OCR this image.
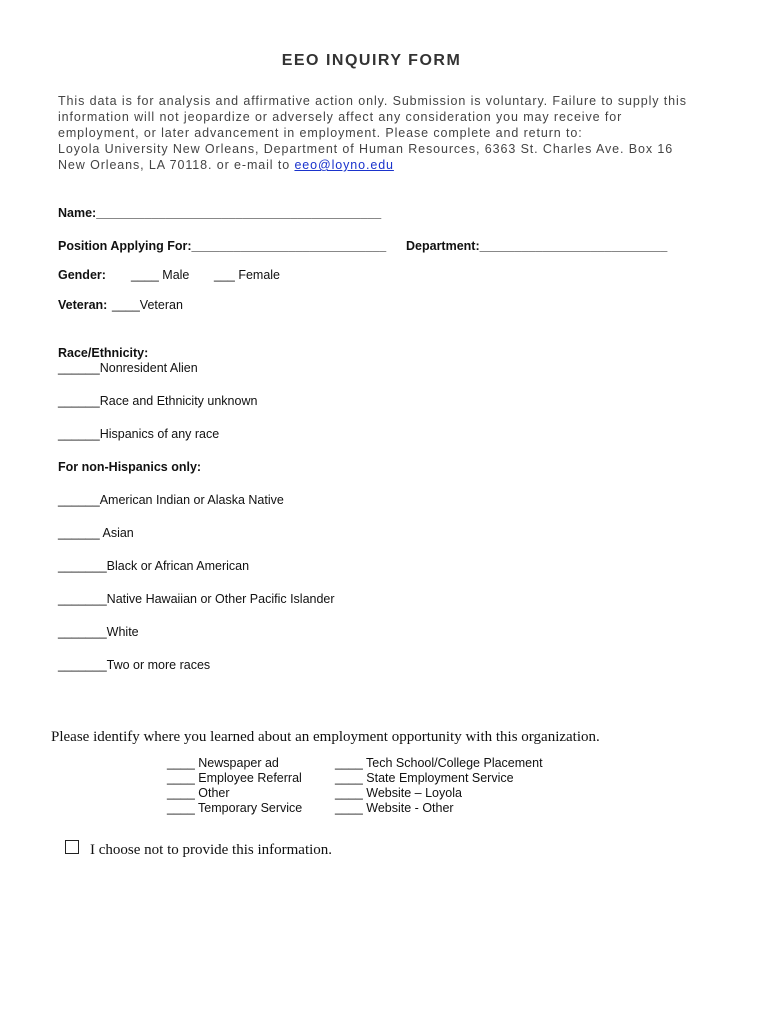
EEO INQUIRY FORM
This data is for analysis and affirmative action only. Submission is voluntary. Failure to supply this
information will not jeopardize or adversely affect any consideration you may receive for
employment, or later advancement in employment. Please complete and return to:
Loyola University New Orleans, Department of Human Resources, 6363 St. Charles Ave. Box 16
New Orleans, LA 70118. or e-mail to eeo@loyno.edu
Name:_________________________________________
Position Applying For:____________________________ Department:___________________________
Gender: ____ Male ___ Female
Veteran: ____Veteran
Race/Ethnicity:
______Nonresident Alien
______Race and Ethnicity unknown
______Hispanics of any race
For non-Hispanics only:
______American Indian or Alaska Native
______ Asian
_______Black or African American
_______Native Hawaiian or Other Pacific Islander
_______White
_______Two or more races
Please identify where you learned about an employment opportunity with this organization.
____ Newspaper ad
____ Employee Referral
____ Other
____ Temporary Service
____ Tech School/College Placement
____ State Employment Service
____ Website – Loyola
____ Website - Other
I choose not to provide this information.
